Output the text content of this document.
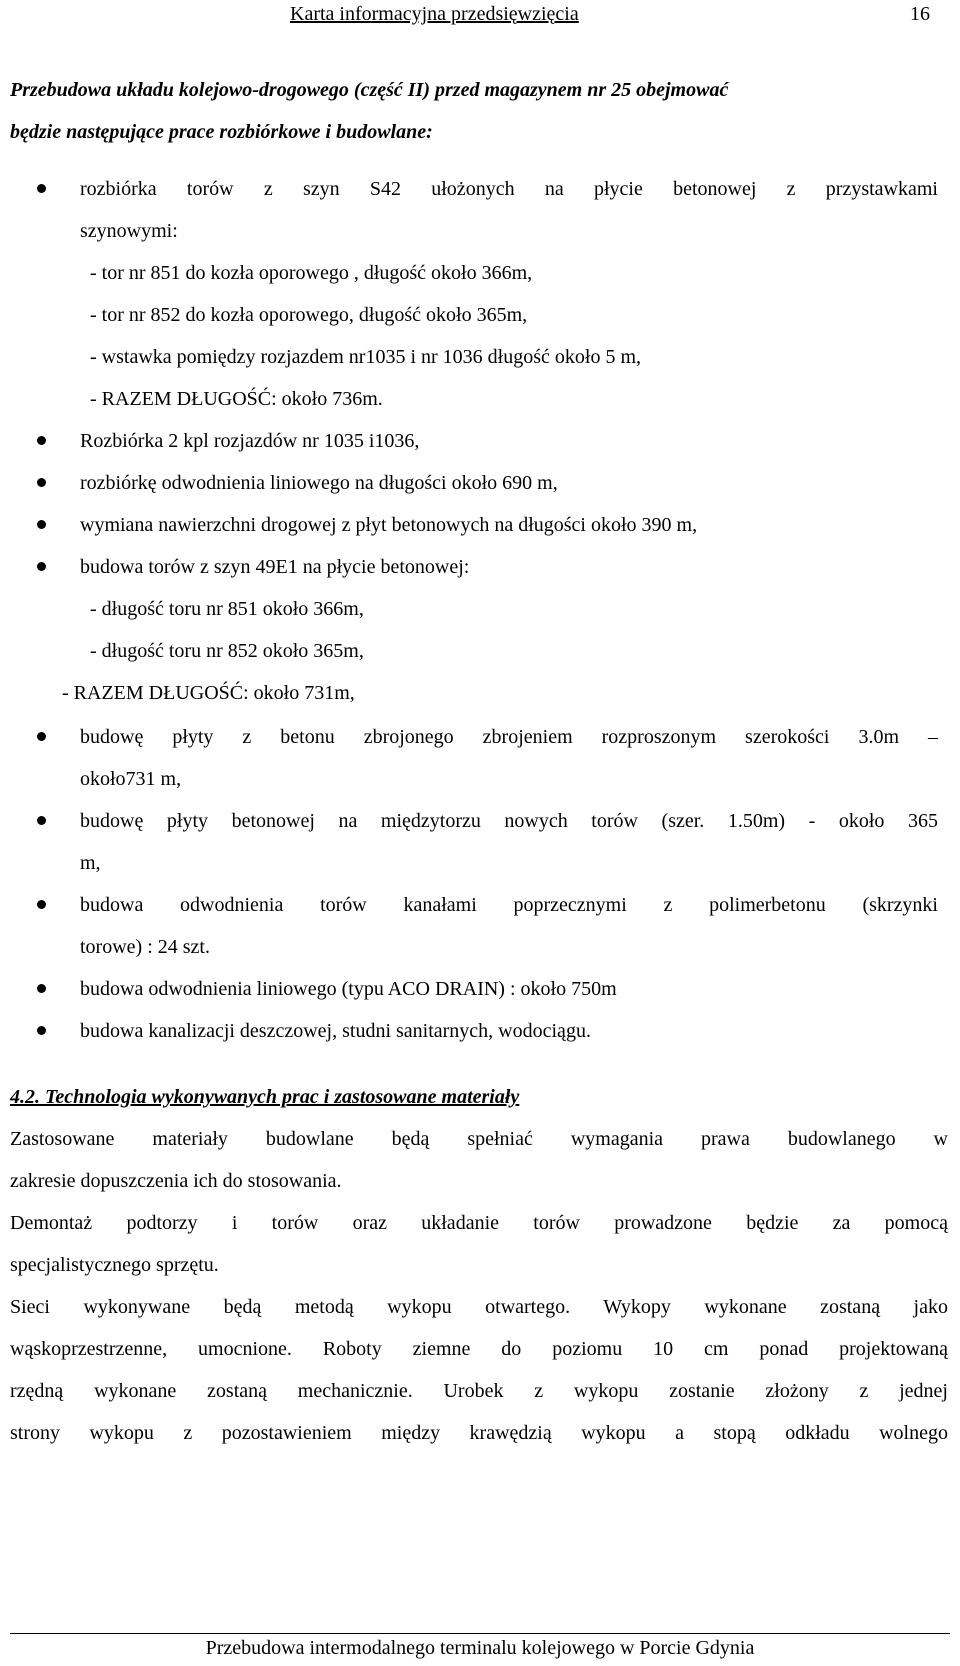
Karta informacyjna przedsięwzięcia	16
Przebudowa układu kolejowo-drogowego (część II) przed magazynem nr 25 obejmować
będzie następujące prace rozbiórkowe i budowlane:
rozbiórka torów z szyn S42 ułożonych na płycie betonowej z przystawkami
szynowymi:
- tor nr 851 do kozła oporowego , długość około 366m,
- tor nr 852 do kozła oporowego, długość około 365m,
- wstawka pomiędzy rozjazdem nr1035 i nr 1036 długość około 5 m,
- RAZEM DŁUGOŚĆ: około 736m.
Rozbiórka 2 kpl rozjazdów nr 1035 i1036,
rozbiórkę odwodnienia liniowego na długości około 690 m,
wymiana nawierzchni drogowej z płyt betonowych na długości około 390 m,
budowa torów z szyn 49E1 na płycie betonowej:
- długość toru nr 851 około 366m,
- długość toru nr 852 około 365m,
- RAZEM DŁUGOŚĆ: około 731m,
budowę płyty z betonu zbrojonego zbrojeniem rozproszonym szerokości 3.0m –
około731 m,
budowę płyty betonowej na międzytorzu nowych torów (szer. 1.50m) - około 365
m,
budowa odwodnienia torów kanałami poprzecznymi z polimerbetonu (skrzynki
torowe) : 24 szt.
budowa odwodnienia liniowego (typu ACO DRAIN) : około 750m
budowa kanalizacji deszczowej, studni sanitarnych, wodociągu.
4.2. Technologia wykonywanych prac i zastosowane materiały
Zastosowane materiały budowlane będą spełniać wymagania prawa budowlanego w
zakresie dopuszczenia ich do stosowania.
Demontaż podtorzy i torów oraz układanie torów prowadzone będzie za pomocą
specjalistycznego sprzętu.
Sieci wykonywane będą metodą wykopu otwartego. Wykopy wykonane zostaną jako
wąskoprzestrzenne, umocnione. Roboty ziemne do poziomu 10 cm ponad projektowaną
rzędną wykonane zostaną mechanicznie. Urobek z wykopu zostanie złożony z jednej
strony wykopu z pozostawieniem między krawędzią wykopu a stopą odkładu wolnego
Przebudowa intermodalnego terminalu kolejowego w Porcie Gdynia
